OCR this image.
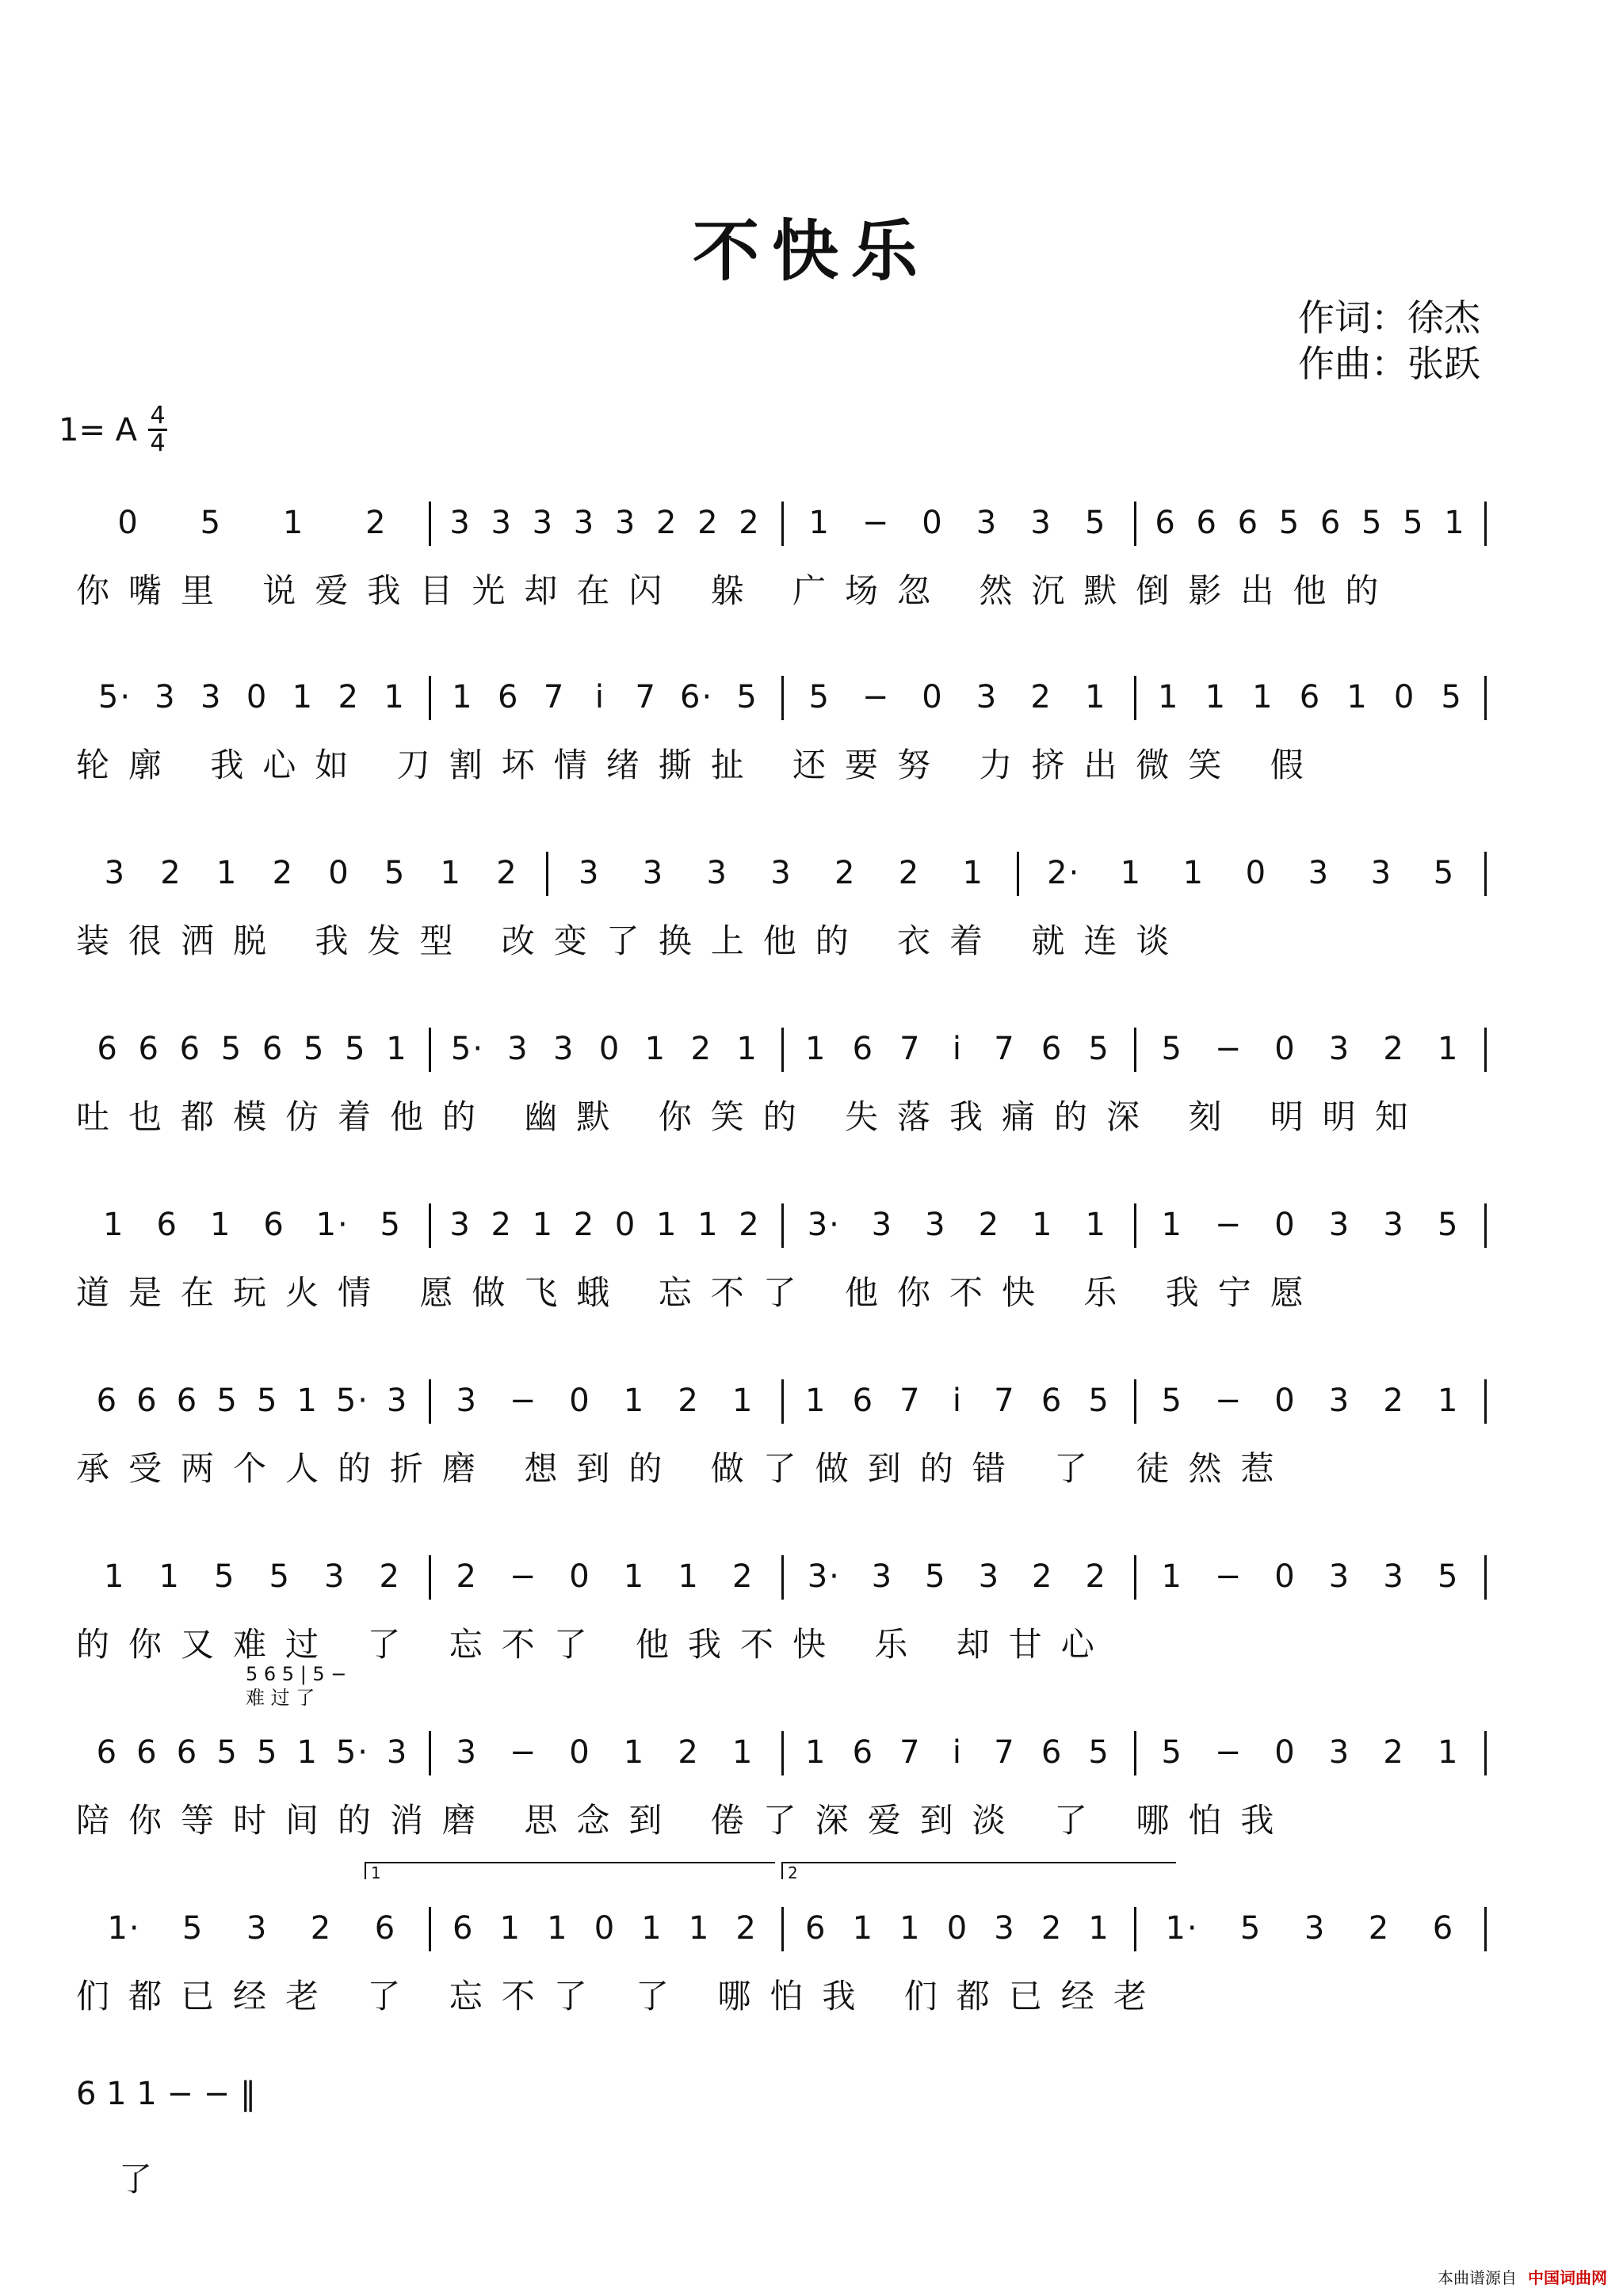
不快乐
作词：徐杰
作曲：张跃
1= A 4
4
0 5 1 2 3 3 3 3 3 2 2 2 1 − 0 3 3 5 6 6 6 5 6 5 5 1
你嘴里 说爱我目光却在闪 躲 广场忽 然沉默倒影出他的
5· 3 3 0 1 2 1 1 6 7 i 7 6· 5 5 − 0 3 2 1 1 1 1 6 1 0 5
轮廓 我心如 刀割坏情绪撕扯 还要努 力挤出微笑 假
3 2 1 2 0 5 1 2 3 3 3 3 2 2 1 2· 1 1 0 3 3 5
装很洒脱 我发型 改变了换上他的 衣着 就连谈
6 6 6 5 6 5 5 1 5· 3 3 0 1 2 1 1 6 7 i 7 6 5 5 − 0 3 2 1
吐也都模仿着他的 幽默 你笑的 失落我痛的深 刻 明明知
1 6 1 6 1· 5 3 2 1 2 0 1 1 2 3· 3 3 2 1 1 1 − 0 3 3 5
道是在玩火情 愿做飞蛾 忘不了 他你不快 乐 我宁愿
6 6 6 5 5 1 5· 3 3 − 0 1 2 1 1 6 7 i 7 6 5 5 − 0 3 2 1
承受两个人的折磨 想到的 做了做到的错 了 徒然惹
1 1 5 5 3 2 2 − 0 1 1 2 3· 3 5 3 2 2 1 − 0 3 3 5
的你又难过 了 忘不了 他我不快 乐 却甘心
6 6 6 5 5 1 5· 3 3 − 0 1 2 1 1 6 7 i 7 6 5 5 − 0 3 2 1
陪你等时间的消磨 思念到 倦了深爱到淡 了 哪怕我
1· 5 3 2 6 6 1 1 0 1 1 2 6 1 1 0 3 2 1 1· 5 3 2 6
们都已经老 了 忘不了 了 哪怕我 们都已经老
5 6 5 | 5 −
难 过 了
1	2
6 1 1 − − ‖
了
本曲谱源自 中国词曲网
